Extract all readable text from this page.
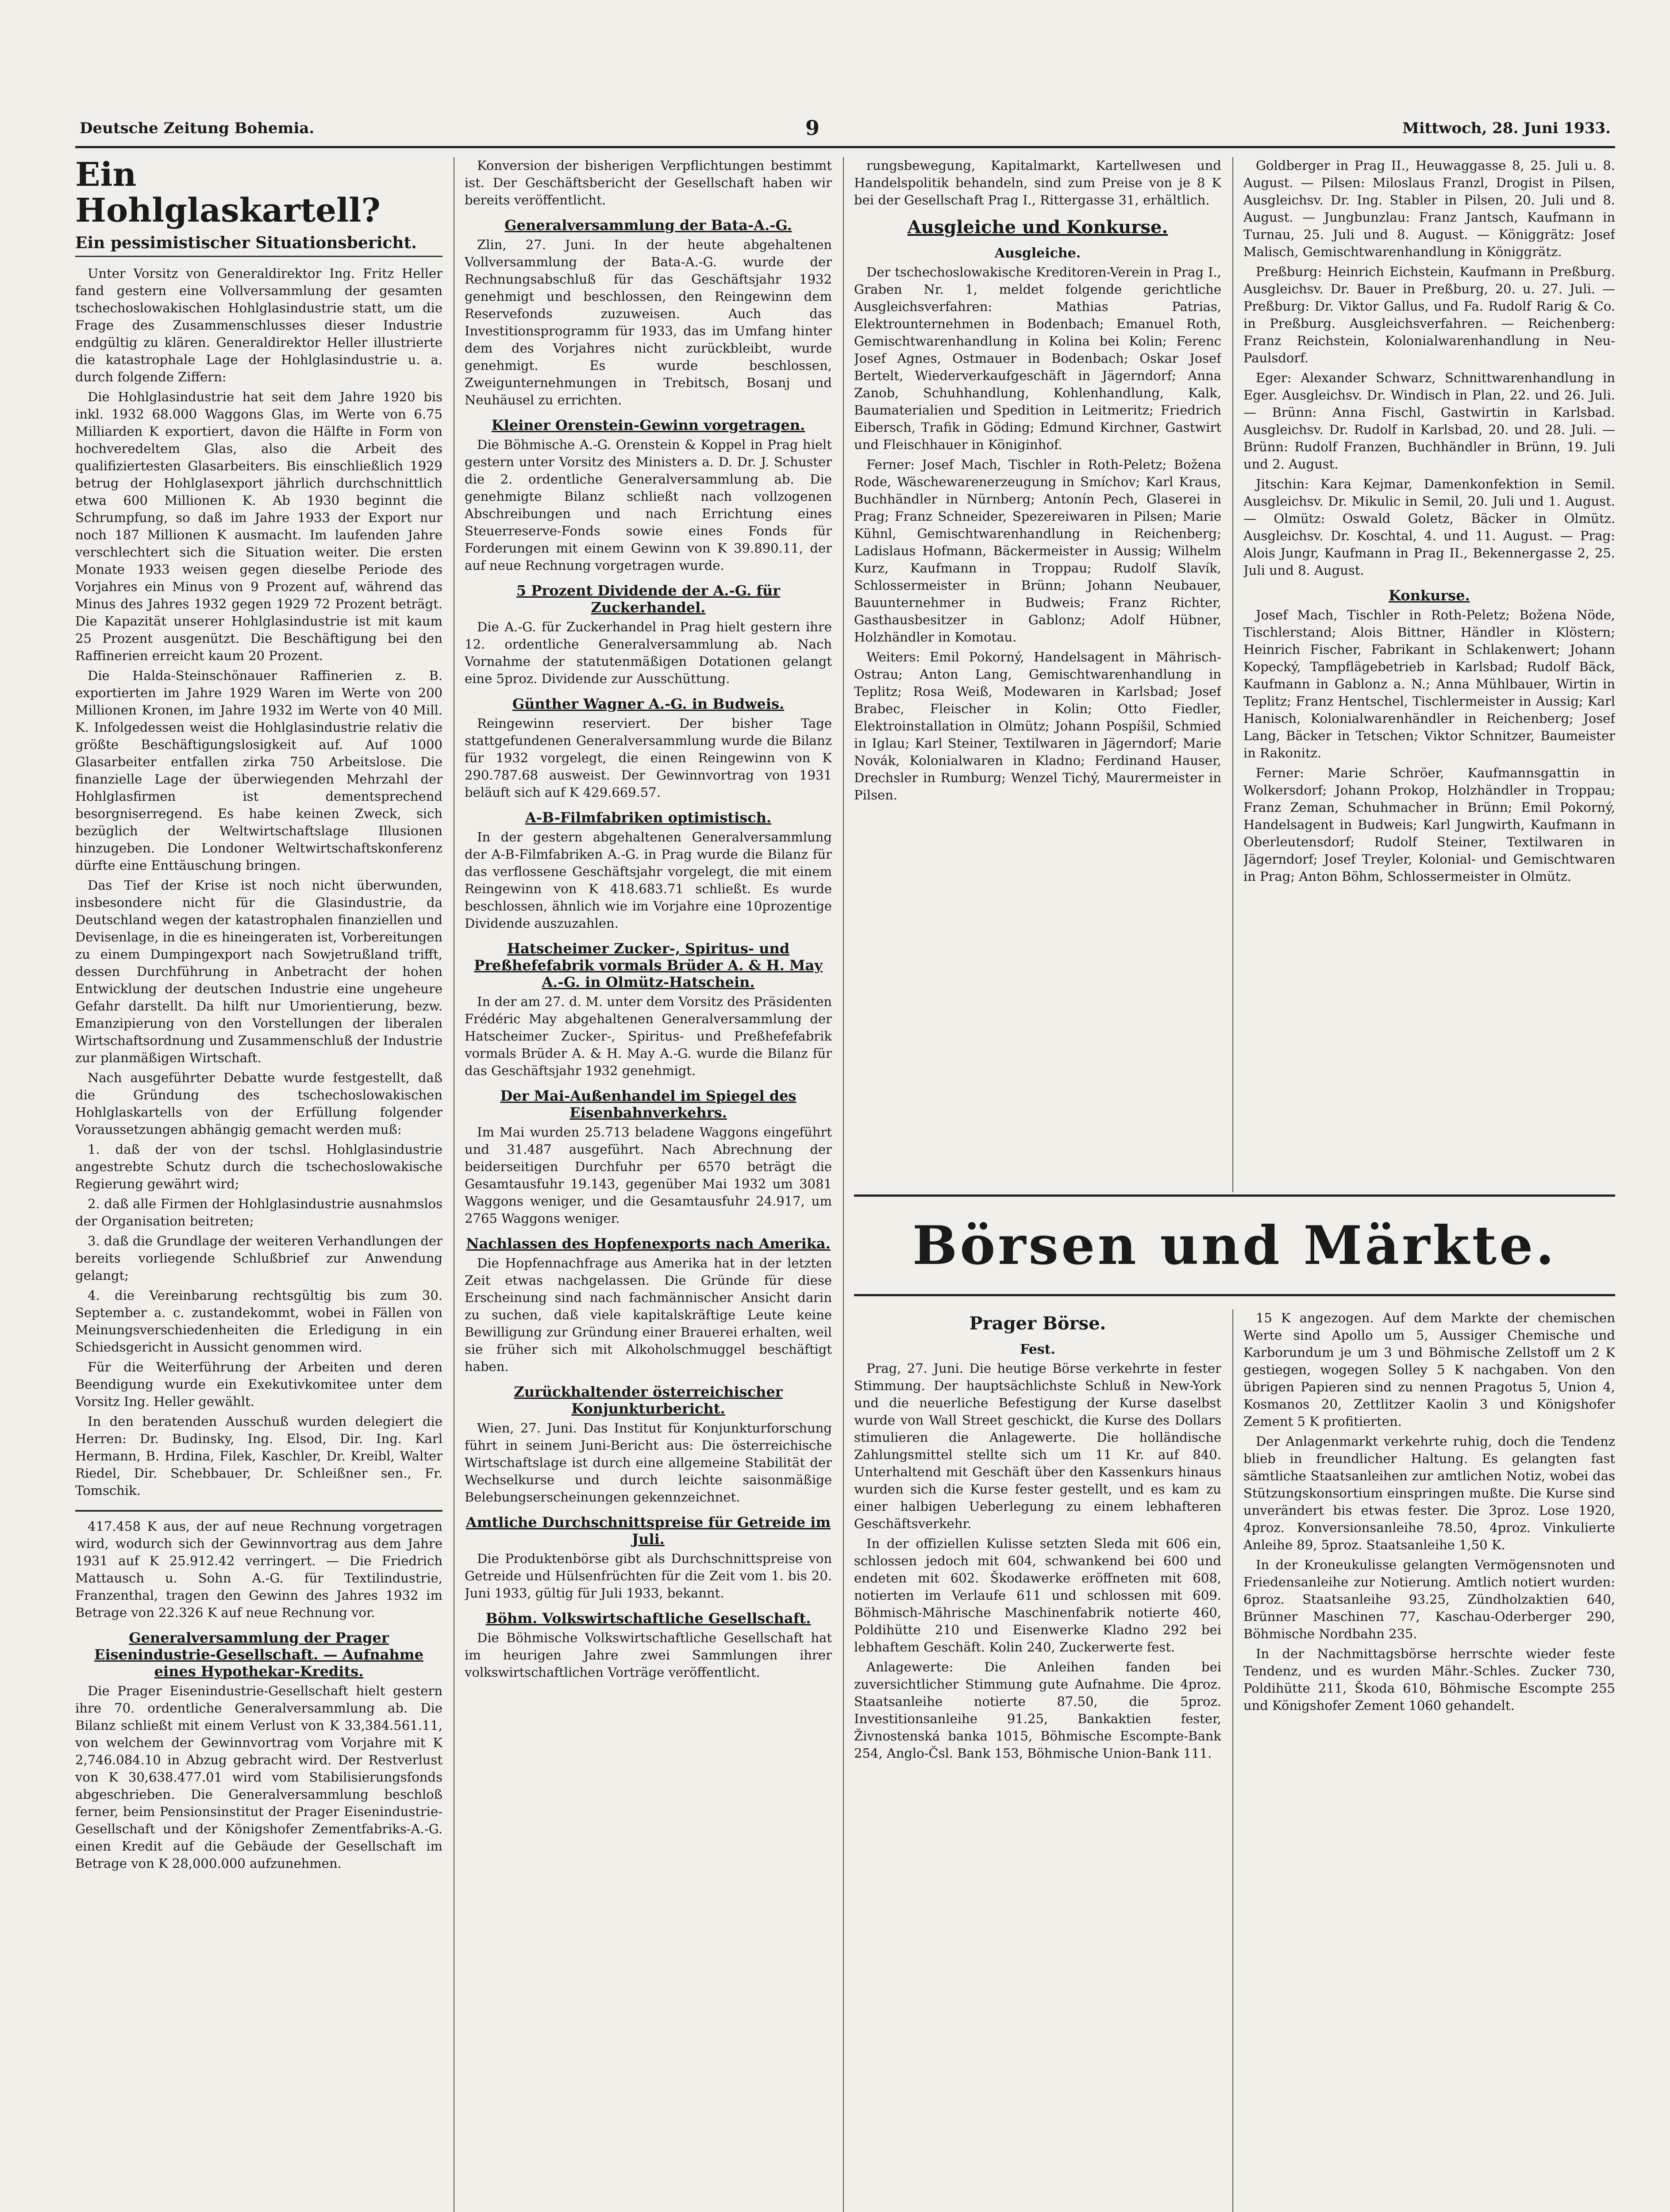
Deutsche Zeitung Bohemia.	9	Mittwoch, 28. Juni 1933.
Ein Hohlglaskartell?
Ein pessimistischer Situationsbericht.

Unter Vorsitz von Generaldirektor Ing. Fritz Heller fand gestern eine Vollversammlung der gesamten tschechoslowakischen Hohlglasindustrie statt, um die Frage des Zusammenschlusses dieser Industrie endgültig zu klären. Generaldirektor Heller illustrierte die katastrophale Lage der Hohlglasindustrie u. a. durch folgende Ziffern:

Die Hohlglasindustrie hat seit dem Jahre 1920 bis inkl. 1932 68.000 Waggons Glas, im Werte von 6.75 Milliarden K exportiert, davon die Hälfte in Form von hochveredeltem Glas, also die Arbeit des qualifiziertesten Glasarbeiters. Bis einschließlich 1929 betrug der Hohlglasexport jährlich durchschnittlich etwa 600 Millionen K. Ab 1930 beginnt die Schrumpfung, so daß im Jahre 1933 der Export nur noch 187 Millionen K ausmacht. Im laufenden Jahre verschlechtert sich die Situation weiter. Die ersten Monate 1933 weisen gegen dieselbe Periode des Vorjahres ein Minus von 9 Prozent auf, während das Minus des Jahres 1932 gegen 1929 72 Prozent beträgt. Die Kapazität unserer Hohlglasindustrie ist mit kaum 25 Prozent ausgenützt. Die Beschäftigung bei den Raffinerien erreicht kaum 20 Prozent.

Die Halda-Steinschönauer Raffinerien z. B. exportierten im Jahre 1929 Waren im Werte von 200 Millionen Kronen, im Jahre 1932 im Werte von 40 Mill. K. Infolgedessen weist die Hohlglasindustrie relativ die größte Beschäftigungslosigkeit auf. Auf 1000 Glasarbeiter entfallen zirka 750 Arbeitslose. Die finanzielle Lage der überwiegenden Mehrzahl der Hohlglasfirmen ist dementsprechend besorgniserregend. Es habe keinen Zweck, sich bezüglich der Weltwirtschaftslage Illusionen hinzugeben. Die Londoner Weltwirtschaftskonferenz dürfte eine Enttäuschung bringen.

Das Tief der Krise ist noch nicht überwunden, insbesondere nicht für die Glasindustrie, da Deutschland wegen der katastrophalen finanziellen und Devisenlage, in die es hineingeraten ist, Vorbereitungen zu einem Dumpingexport nach Sowjetrußland trifft, dessen Durchführung in Anbetracht der hohen Entwicklung der deutschen Industrie eine ungeheure Gefahr darstellt. Da hilft nur Umorientierung, bezw. Emanzipierung von den Vorstellungen der liberalen Wirtschaftsordnung und Zusammenschluß der Industrie zur planmäßigen Wirtschaft.

Nach ausgeführter Debatte wurde festgestellt, daß die Gründung des tschechoslowakischen Hohlglaskartells von der Erfüllung folgender Voraussetzungen abhängig gemacht werden muß:

1. daß der von der tschsl. Hohlglasindustrie angestrebte Schutz durch die tschechoslowakische Regierung gewährt wird;

2. daß alle Firmen der Hohlglasindustrie ausnahmslos der Organisation beitreten;

3. daß die Grundlage der weiteren Verhandlungen der bereits vorliegende Schlußbrief zur Anwendung gelangt;

4. die Vereinbarung rechtsgültig bis zum 30. September a. c. zustandekommt, wobei in Fällen von Meinungsverschiedenheiten die Erledigung in ein Schiedsgericht in Aussicht genommen wird.

Für die Weiterführung der Arbeiten und deren Beendigung wurde ein Exekutivkomitee unter dem Vorsitz Ing. Heller gewählt.

In den beratenden Ausschuß wurden delegiert die Herren: Dr. Budinsky, Ing. Elsod, Dir. Ing. Karl Hermann, B. Hrdina, Filek, Kaschler, Dr. Kreibl, Walter Riedel, Dir. Schebbauer, Dr. Schleißner sen., Fr. Tomschik.

417.458 K aus, der auf neue Rechnung vorgetragen wird, wodurch sich der Gewinnvortrag aus dem Jahre 1931 auf K 25.912.42 verringert. — Die Friedrich Mattausch u. Sohn A.-G. für Textilindustrie, Franzenthal, tragen den Gewinn des Jahres 1932 im Betrage von 22.326 K auf neue Rechnung vor.

Generalversammlung der Prager Eisenindustrie-Gesellschaft. — Aufnahme eines Hypothekar-Kredits.

Die Prager Eisenindustrie-Gesellschaft hielt gestern ihre 70. ordentliche Generalversammlung ab. Die Bilanz schließt mit einem Verlust von K 33,384.561.11, von welchem der Gewinnvortrag vom Vorjahre mit K 2,746.084.10 in Abzug gebracht wird. Der Restverlust von K 30,638.477.01 wird vom Stabilisierungsfonds abgeschrieben. Die Generalversammlung beschloß ferner, beim Pensionsinstitut der Prager Eisenindustrie-Gesellschaft und der Königshofer Zementfabriks-A.-G. einen Kredit auf die Gebäude der Gesellschaft im Betrage von K 28,000.000 aufzunehmen.

Konversion der bisherigen Verpflichtungen bestimmt ist. Der Geschäftsbericht der Gesellschaft haben wir bereits veröffentlicht.

Generalversammlung der Bata-A.-G.

Zlin, 27. Juni. In der heute abgehaltenen Vollversammlung der Bata-A.-G. wurde der Rechnungsabschluß für das Geschäftsjahr 1932 genehmigt und beschlossen, den Reingewinn dem Reservefonds zuzuweisen. Auch das Investitionsprogramm für 1933, das im Umfang hinter dem des Vorjahres nicht zurückbleibt, wurde genehmigt. Es wurde beschlossen, Zweigunternehmungen in Trebitsch, Bosanj und Neuhäusel zu errichten.

Kleiner Orenstein-Gewinn vorgetragen.

Die Böhmische A.-G. Orenstein & Koppel in Prag hielt gestern unter Vorsitz des Ministers a. D. Dr. J. Schuster die 2. ordentliche Generalversammlung ab. Die genehmigte Bilanz schließt nach vollzogenen Abschreibungen und nach Errichtung eines Steuerreserve-Fonds sowie eines Fonds für Forderungen mit einem Gewinn von K 39.890.11, der auf neue Rechnung vorgetragen wurde.

5 Prozent Dividende der A.-G. für Zuckerhandel.

Die A.-G. für Zuckerhandel in Prag hielt gestern ihre 12. ordentliche Generalversammlung ab. Nach Vornahme der statutenmäßigen Dotationen gelangt eine 5proz. Dividende zur Ausschüttung.

Günther Wagner A.-G. in Budweis.

Reingewinn reserviert. Der bisher Tage stattgefundenen Generalversammlung wurde die Bilanz für 1932 vorgelegt, die einen Reingewinn von K 290.787.68 ausweist. Der Gewinnvortrag von 1931 beläuft sich auf K 429.669.57.

A-B-Filmfabriken optimistisch.

In der gestern abgehaltenen Generalversammlung der A-B-Filmfabriken A.-G. in Prag wurde die Bilanz für das verflossene Geschäftsjahr vorgelegt, die mit einem Reingewinn von K 418.683.71 schließt. Es wurde beschlossen, ähnlich wie im Vorjahre eine 10prozentige Dividende auszuzahlen.

Hatscheimer Zucker-, Spiritus- und Preßhefefabrik vormals Brüder A. & H. May A.-G. in Olmütz-Hatschein.

In der am 27. d. M. unter dem Vorsitz des Präsidenten Frédéric May abgehaltenen Generalversammlung der Hatscheimer Zucker-, Spiritus- und Preßhefefabrik vormals Brüder A. & H. May A.-G. wurde die Bilanz für das Geschäftsjahr 1932 genehmigt.

Der Mai-Außenhandel im Spiegel des Eisenbahnverkehrs.

Im Mai wurden 25.713 beladene Waggons eingeführt und 31.487 ausgeführt. Nach Abrechnung der beiderseitigen Durchfuhr per 6570 beträgt die Gesamtausfuhr 19.143, gegenüber Mai 1932 um 3081 Waggons weniger, und die Gesamtausfuhr 24.917, um 2765 Waggons weniger.

Nachlassen des Hopfenexports nach Amerika.

Die Hopfennachfrage aus Amerika hat in der letzten Zeit etwas nachgelassen. Die Gründe für diese Erscheinung sind nach fachmännischer Ansicht darin zu suchen, daß viele kapitalskräftige Leute keine Bewilligung zur Gründung einer Brauerei erhalten, weil sie früher sich mit Alkoholschmuggel beschäftigt haben.

Zurückhaltender österreichischer Konjunkturbericht.

Wien, 27. Juni. Das Institut für Konjunkturforschung führt in seinem Juni-Bericht aus: Die österreichische Wirtschaftslage ist durch eine allgemeine Stabilität der Wechselkurse und durch leichte saisonmäßige Belebungserscheinungen gekennzeichnet.

Amtliche Durchschnittspreise für Getreide im Juli.

Die Produktenbörse gibt als Durchschnittspreise von Getreide und Hülsenfrüchten für die Zeit vom 1. bis 20. Juni 1933, gültig für Juli 1933, bekannt.

Böhm. Volkswirtschaftliche Gesellschaft.

Die Böhmische Volkswirtschaftliche Gesellschaft hat im heurigen Jahre zwei Sammlungen ihrer volkswirtschaftlichen Vorträge veröffentlicht.

rungsbewegung, Kapitalmarkt, Kartellwesen und Handelspolitik behandeln, sind zum Preise von je 8 K bei der Gesellschaft Prag I., Rittergasse 31, erhältlich.

Ausgleiche und Konkurse.
Ausgleiche.

Der tschechoslowakische Kreditoren-Verein in Prag I., Graben Nr. 1, meldet folgende gerichtliche Ausgleichsverfahren: Mathias Patrias, Elektrounternehmen in Bodenbach; Emanuel Roth, Gemischtwarenhandlung in Kolina bei Kolin; Ferenc Josef Agnes, Ostmauer in Bodenbach; Oskar Josef Bertelt, Wiederverkaufgeschäft in Jägerndorf; Anna Zanob, Schuhhandlung, Kohlenhandlung, Kalk, Baumaterialien und Spedition in Leitmeritz; Friedrich Eibersch, Trafik in Göding; Edmund Kirchner, Gastwirt und Fleischhauer in Königinhof.

Ferner: Josef Mach, Tischler in Roth-Peletz; Božena Rode, Wäschewarenerzeugung in Smíchov; Karl Kraus, Buchhändler in Nürnberg; Antonín Pech, Glaserei in Prag; Franz Schneider, Spezereiwaren in Pilsen; Marie Kühnl, Gemischtwarenhandlung in Reichenberg; Ladislaus Hofmann, Bäckermeister in Aussig; Wilhelm Kurz, Kaufmann in Troppau; Rudolf Slavík, Schlossermeister in Brünn; Johann Neubauer, Bauunternehmer in Budweis; Franz Richter, Gasthausbesitzer in Gablonz; Adolf Hübner, Holzhändler in Komotau.

Weiters: Emil Pokorný, Handelsagent in Mährisch-Ostrau; Anton Lang, Gemischtwarenhandlung in Teplitz; Rosa Weiß, Modewaren in Karlsbad; Josef Brabec, Fleischer in Kolin; Otto Fiedler, Elektroinstallation in Olmütz; Johann Pospíšil, Schmied in Iglau; Karl Steiner, Textilwaren in Jägerndorf; Marie Novák, Kolonialwaren in Kladno; Ferdinand Hauser, Drechsler in Rumburg; Wenzel Tichý, Maurermeister in Pilsen.

Goldberger in Prag II., Heuwaggasse 8, 25. Juli u. 8. August. — Pilsen: Miloslaus Franzl, Drogist in Pilsen, Ausgleichsv. Dr. Ing. Stabler in Pilsen, 20. Juli und 8. August. — Jungbunzlau: Franz Jantsch, Kaufmann in Turnau, 25. Juli und 8. August. — Königgrätz: Josef Malisch, Gemischtwarenhandlung in Königgrätz.

Preßburg: Heinrich Eichstein, Kaufmann in Preßburg. Ausgleichsv. Dr. Bauer in Preßburg, 20. u. 27. Juli. — Preßburg: Dr. Viktor Gallus, und Fa. Rudolf Rarig & Co. in Preßburg. Ausgleichsverfahren. — Reichenberg: Franz Reichstein, Kolonialwarenhandlung in Neu-Paulsdorf.

Eger: Alexander Schwarz, Schnittwarenhandlung in Eger. Ausgleichsv. Dr. Windisch in Plan, 22. und 26. Juli. — Brünn: Anna Fischl, Gastwirtin in Karlsbad. Ausgleichsv. Dr. Rudolf in Karlsbad, 20. und 28. Juli. — Brünn: Rudolf Franzen, Buchhändler in Brünn, 19. Juli und 2. August.

Jitschin: Kara Kejmar, Damenkonfektion in Semil. Ausgleichsv. Dr. Mikulic in Semil, 20. Juli und 1. August. — Olmütz: Oswald Goletz, Bäcker in Olmütz. Ausgleichsv. Dr. Koschtal, 4. und 11. August. — Prag: Alois Jungr, Kaufmann in Prag II., Bekennergasse 2, 25. Juli und 8. August.

Konkurse.

Josef Mach, Tischler in Roth-Peletz; Božena Nöde, Tischlerstand; Alois Bittner, Händler in Klöstern; Heinrich Fischer, Fabrikant in Schlakenwert; Johann Kopecký, Tampflägebetrieb in Karlsbad; Rudolf Bäck, Kaufmann in Gablonz a. N.; Anna Mühlbauer, Wirtin in Teplitz; Franz Hentschel, Tischlermeister in Aussig; Karl Hanisch, Kolonialwarenhändler in Reichenberg; Josef Lang, Bäcker in Tetschen; Viktor Schnitzer, Baumeister in Rakonitz.

Ferner: Marie Schröer, Kaufmannsgattin in Wolkersdorf; Johann Prokop, Holzhändler in Troppau; Franz Zeman, Schuhmacher in Brünn; Emil Pokorný, Handelsagent in Budweis; Karl Jungwirth, Kaufmann in Oberleutensdorf; Rudolf Steiner, Textilwaren in Jägerndorf; Josef Treyler, Kolonial- und Gemischtwaren in Prag; Anton Böhm, Schlossermeister in Olmütz.

Börsen und Märkte.
Prager Börse.
Fest.

Prag, 27. Juni. Die heutige Börse verkehrte in fester Stimmung. Der hauptsächlichste Schluß in New-York und die neuerliche Befestigung der Kurse daselbst wurde von Wall Street geschickt, die Kurse des Dollars stimulieren die Anlagewerte. Die holländische Zahlungsmittel stellte sich um 11 Kr. auf 840. Unterhaltend mit Geschäft über den Kassenkurs hinaus wurden sich die Kurse fester gestellt, und es kam zu einer halbigen Ueberlegung zu einem lebhafteren Geschäftsverkehr.

In der offiziellen Kulisse setzten Sleda mit 606 ein, schlossen jedoch mit 604, schwankend bei 600 und endeten mit 602. Škodawerke eröffneten mit 608, notierten im Verlaufe 611 und schlossen mit 609. Böhmisch-Mährische Maschinenfabrik notierte 460, Poldihütte 210 und Eisenwerke Kladno 292 bei lebhaftem Geschäft. Kolin 240, Zuckerwerte fest.

Anlagewerte: Die Anleihen fanden bei zuversichtlicher Stimmung gute Aufnahme. Die 4proz. Staatsanleihe notierte 87.50, die 5proz. Investitionsanleihe 91.25, Bankaktien fester, Živnostenská banka 1015, Böhmische Escompte-Bank 254, Anglo-Čsl. Bank 153, Böhmische Union-Bank 111.

15 K angezogen. Auf dem Markte der chemischen Werte sind Apollo um 5, Aussiger Chemische und Karborundum je um 3 und Böhmische Zellstoff um 2 K gestiegen, wogegen Solley 5 K nachgaben. Von den übrigen Papieren sind zu nennen Pragotus 5, Union 4, Kosmanos 20, Zettlitzer Kaolin 3 und Königshofer Zement 5 K profitierten.

Der Anlagenmarkt verkehrte ruhig, doch die Tendenz blieb in freundlicher Haltung. Es gelangten fast sämtliche Staatsanleihen zur amtlichen Notiz, wobei das Stützungskonsortium einspringen mußte. Die Kurse sind unverändert bis etwas fester. Die 3proz. Lose 1920, 4proz. Konversionsanleihe 78.50, 4proz. Vinkulierte Anleihe 89, 5proz. Staatsanleihe 1,50 K.

In der Kroneukulisse gelangten Vermögensnoten und Friedensanleihe zur Notierung. Amtlich notiert wurden: 6proz. Staatsanleihe 93.25, Zündholzaktien 640, Brünner Maschinen 77, Kaschau-Oderberger 290, Böhmische Nordbahn 235.

In der Nachmittagsbörse herrschte wieder feste Tendenz, und es wurden Mähr.-Schles. Zucker 730, Poldihütte 211, Škoda 610, Böhmische Escompte 255 und Königshofer Zement 1060 gehandelt.
